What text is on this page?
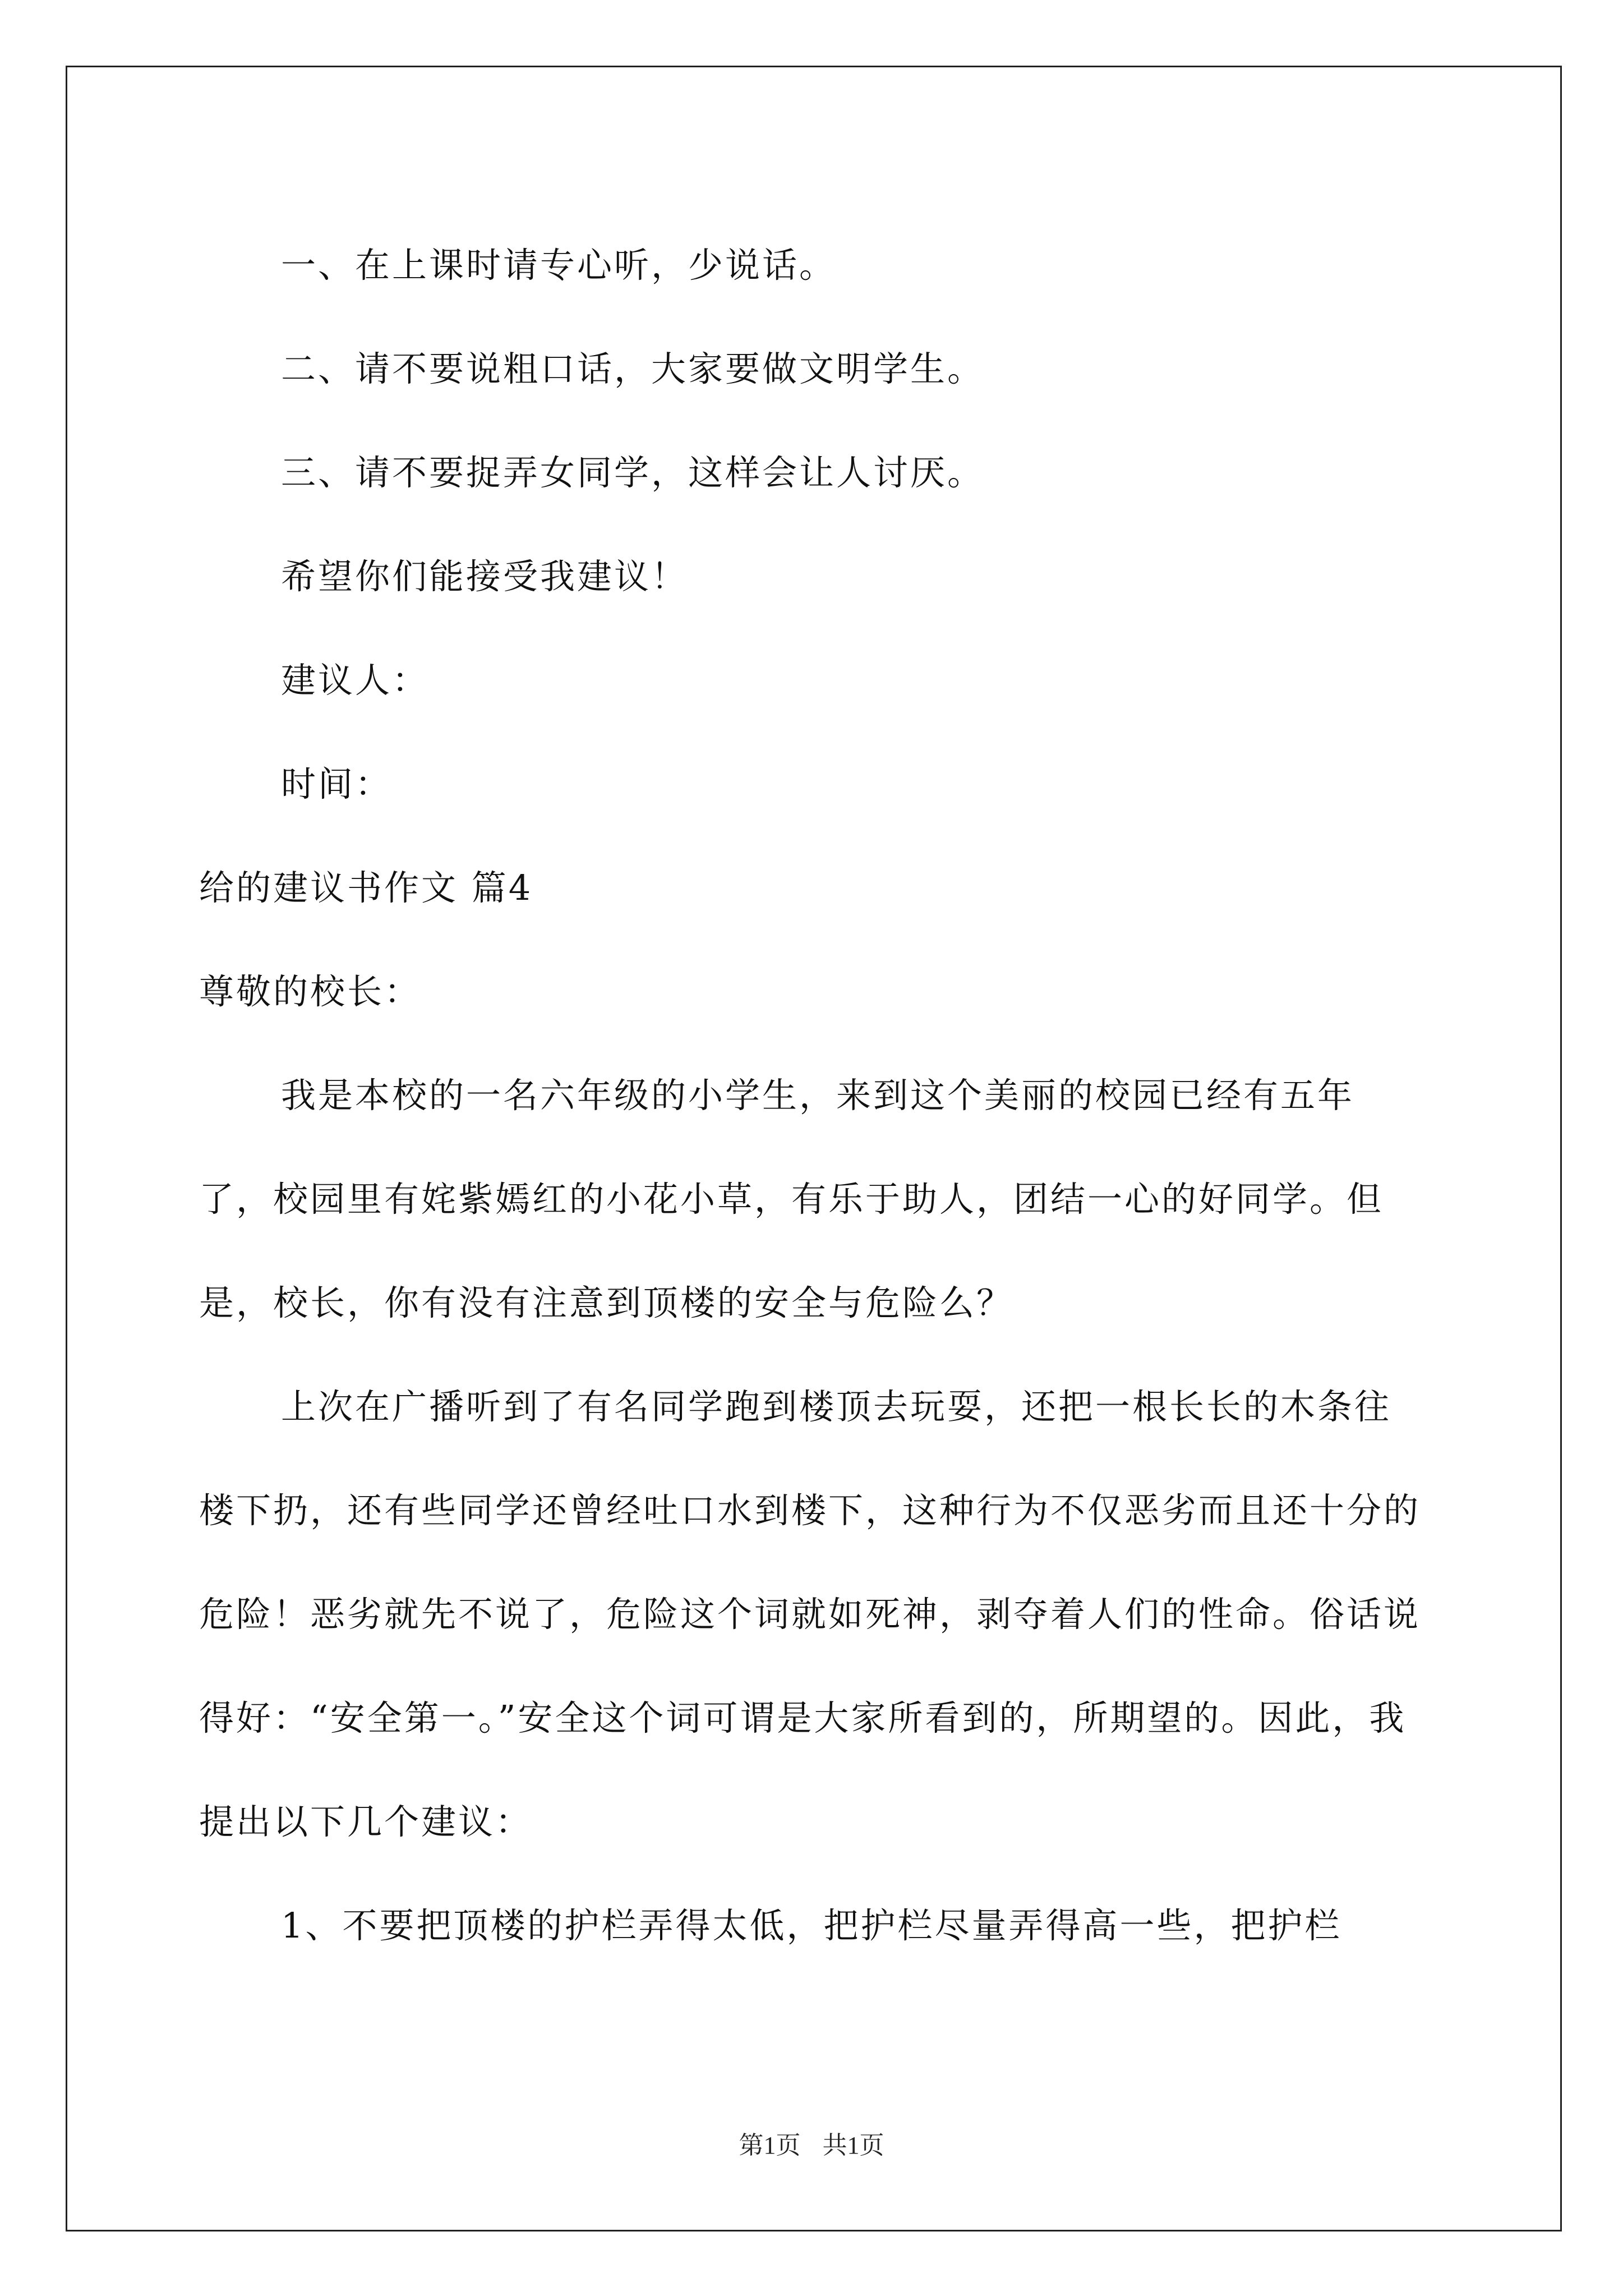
一、在上课时请专心听，少说话。

二、请不要说粗口话，大家要做文明学生。

三、请不要捉弄女同学，这样会让人讨厌。

希望你们能接受我建议！

建议人：

时间：

给的建议书作文 篇4

尊敬的校长：

我是本校的一名六年级的小学生，来到这个美丽的校园已经有五年了，校园里有姹紫嫣红的小花小草，有乐于助人，团结一心的好同学。但是，校长，你有没有注意到顶楼的安全与危险么？

上次在广播听到了有名同学跑到楼顶去玩耍，还把一根长长的木条往楼下扔，还有些同学还曾经吐口水到楼下，这种行为不仅恶劣而且还十分的危险！恶劣就先不说了，危险这个词就如死神，剥夺着人们的性命。俗话说得好：“安全第一。”安全这个词可谓是大家所看到的，所期望的。因此，我提出以下几个建议：

1、不要把顶楼的护栏弄得太低，把护栏尽量弄得高一些，把护栏

第1页 共1页
